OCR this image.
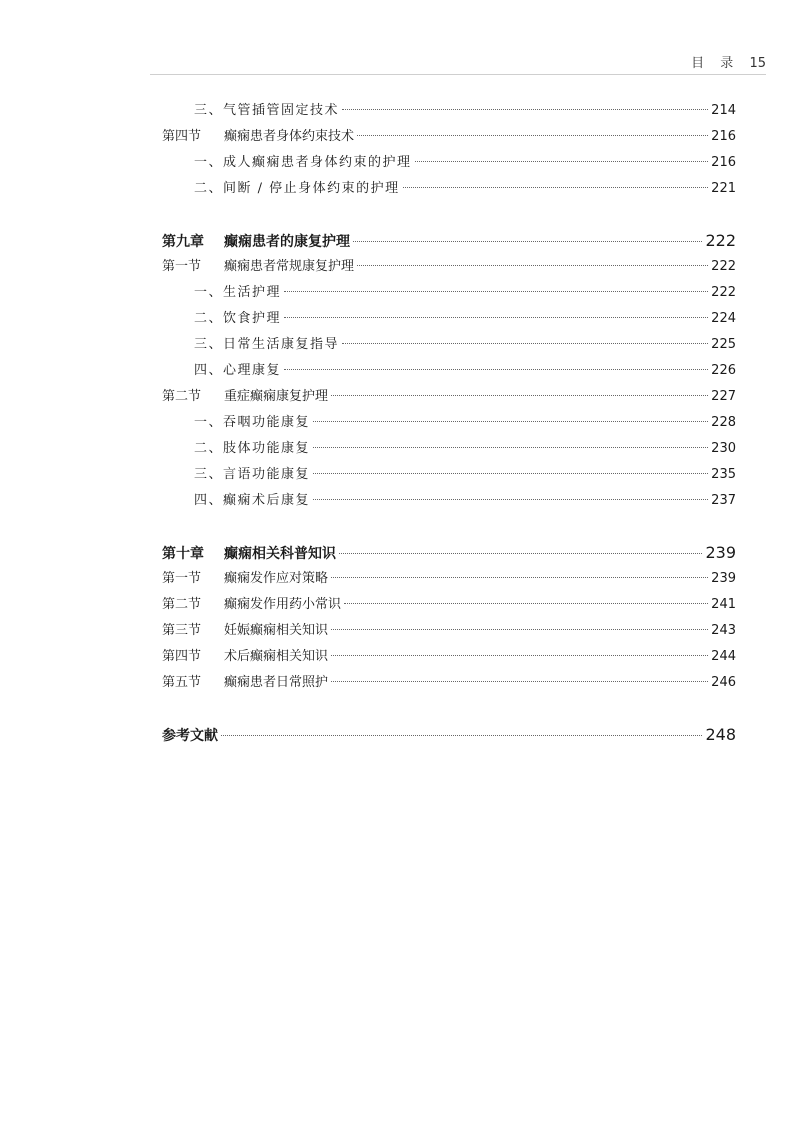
目 录 15
三、气管插管固定技术	214
第四节 癫痫患者身体约束技术	216
一、成人癫痫患者身体约束的护理	216
二、间断 / 停止身体约束的护理	221
第九章 癫痫患者的康复护理	222
第一节 癫痫患者常规康复护理	222
一、生活护理	222
二、饮食护理	224
三、日常生活康复指导	225
四、心理康复	226
第二节 重症癫痫康复护理	227
一、吞咽功能康复	228
二、肢体功能康复	230
三、言语功能康复	235
四、癫痫术后康复	237
第十章 癫痫相关科普知识	239
第一节 癫痫发作应对策略	239
第二节 癫痫发作用药小常识	241
第三节 妊娠癫痫相关知识	243
第四节 术后癫痫相关知识	244
第五节 癫痫患者日常照护	246
参考文献	248
